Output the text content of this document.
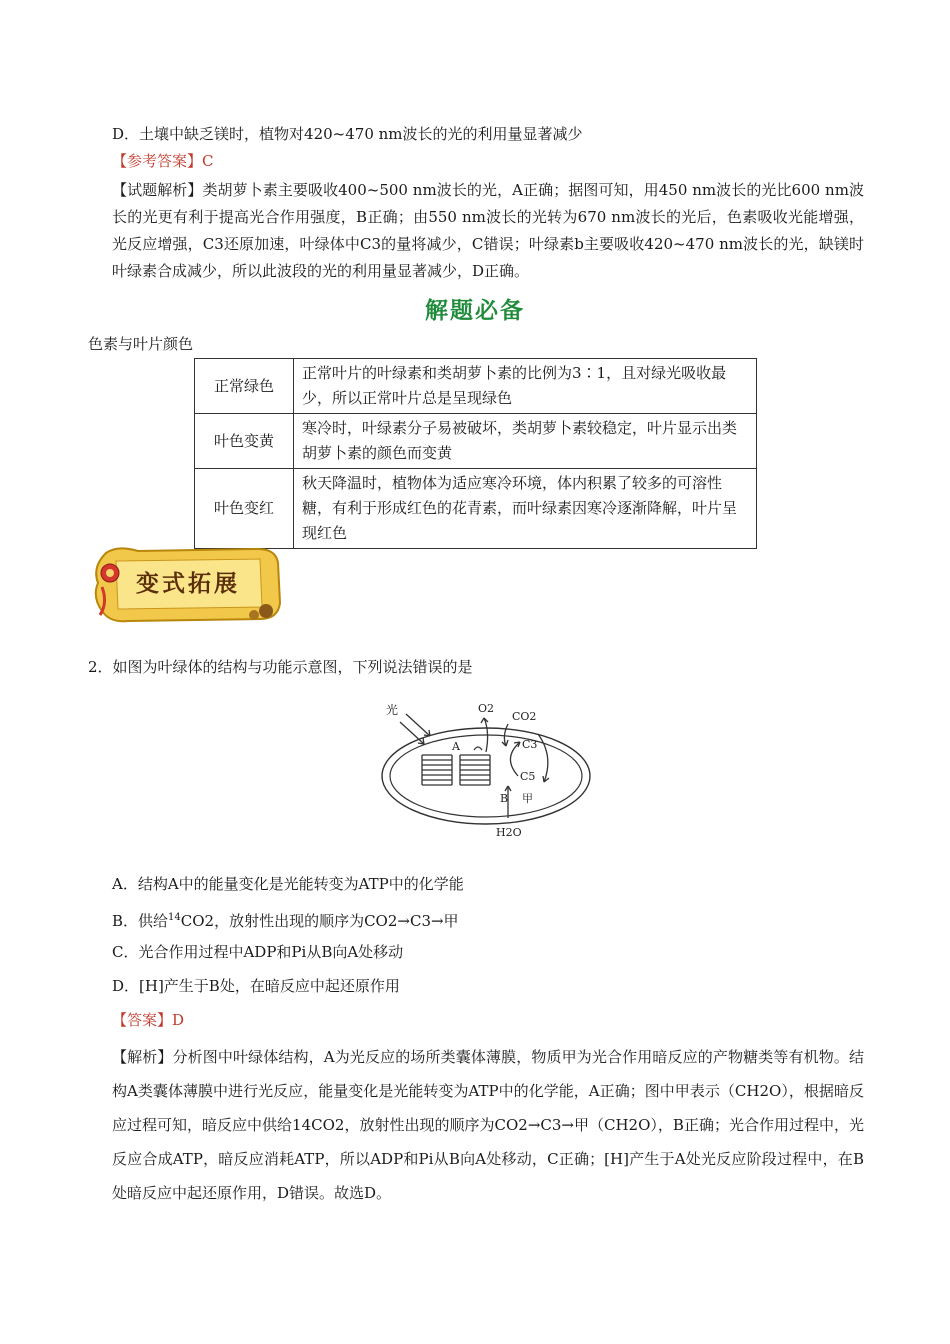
D．土壤中缺乏镁时，植物对420~470 nm波长的光的利用量显著减少
【参考答案】C
【试题解析】类胡萝卜素主要吸收400~500 nm波长的光，A正确；据图可知，用450 nm波长的光比600 nm波长的光更有利于提高光合作用强度，B正确；由550 nm波长的光转为670 nm波长的光后，色素吸收光能增强，光反应增强，C3还原加速，叶绿体中C3的量将减少，C错误；叶绿素b主要吸收420~470 nm波长的光，缺镁时叶绿素合成减少，所以此波段的光的利用量显著减少，D正确。
解题必备
色素与叶片颜色
正常绿色	正常叶片的叶绿素和类胡萝卜素的比例为3∶1，且对绿光吸收最少，所以正常叶片总是呈现绿色
叶色变黄	寒冷时，叶绿素分子易被破坏，类胡萝卜素较稳定，叶片显示出类胡萝卜素的颜色而变黄
叶色变红	秋天降温时，植物体为适应寒冷环境，体内积累了较多的可溶性糖，有利于形成红色的花青素，而叶绿素因寒冷逐渐降解，叶片呈现红色
变式拓展
2．如图为叶绿体的结构与功能示意图，下列说法错误的是
光	O2
CO2
A	C3
C5
B 甲
H2O
A．结构A中的能量变化是光能转变为ATP中的化学能
B．供给$^{14}$CO2，放射性出现的顺序为CO2→C3→甲
C．光合作用过程中ADP和Pi从B向A处移动
D．[H]产生于B处，在暗反应中起还原作用
【答案】D
【解析】分析图中叶绿体结构，A为光反应的场所类囊体薄膜，物质甲为光合作用暗反应的产物糖类等有机物。结构A类囊体薄膜中进行光反应，能量变化是光能转变为ATP中的化学能，A正确；图中甲表示（CH2O），根据暗反应过程可知，暗反应中供给14CO2，放射性出现的顺序为CO2→C3→甲（CH2O），B正确；光合作用过程中，光反应合成ATP，暗反应消耗ATP，所以ADP和Pi从B向A处移动，C正确；[H]产生于A处光反应阶段过程中，在B处暗反应中起还原作用，D错误。故选D。
